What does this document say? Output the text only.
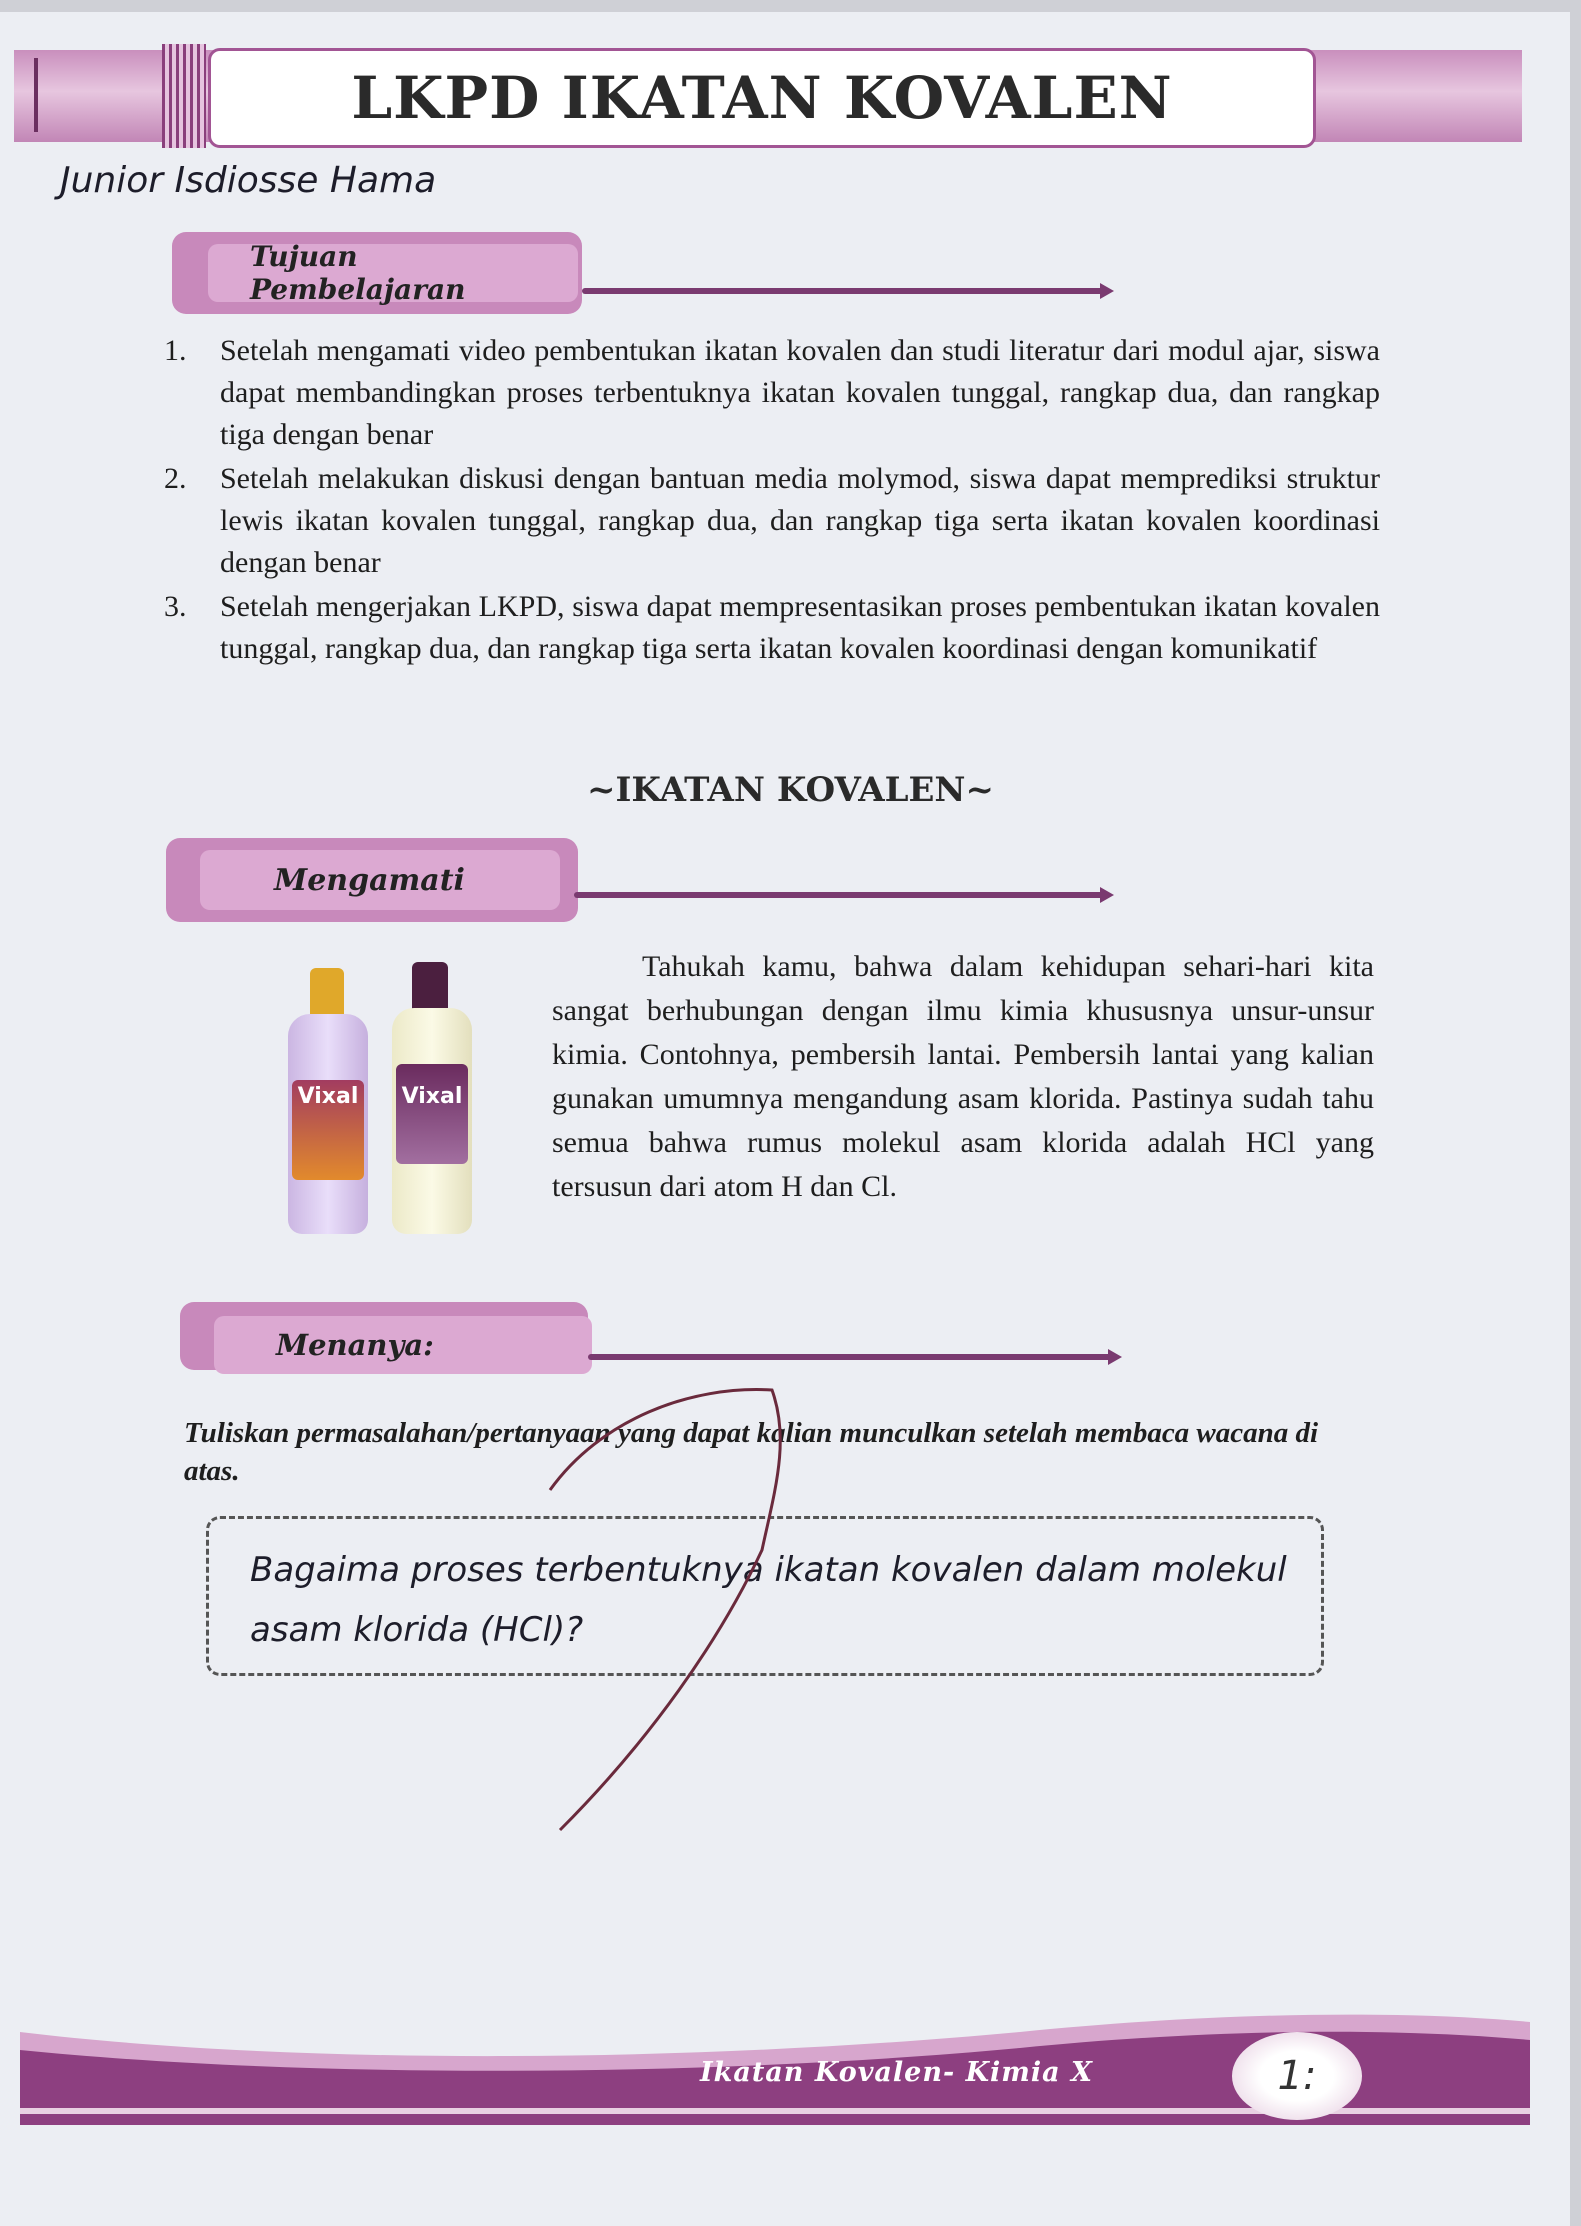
LKPD IKATAN KOVALEN
Junior Isdiosse Hama
Tujuan Pembelajaran
1. Setelah mengamati video pembentukan ikatan kovalen dan studi literatur dari modul ajar, siswa dapat membandingkan proses terbentuknya ikatan kovalen tunggal, rangkap dua, dan rangkap tiga dengan benar
2. Setelah melakukan diskusi dengan bantuan media molymod, siswa dapat memprediksi struktur lewis ikatan kovalen tunggal, rangkap dua, dan rangkap tiga serta ikatan kovalen koordinasi dengan benar
3. Setelah mengerjakan LKPD, siswa dapat mempresentasikan proses pembentukan ikatan kovalen tunggal, rangkap dua, dan rangkap tiga serta ikatan kovalen koordinasi dengan komunikatif
~IKATAN KOVALEN~
Mengamati
Vixal Vixal
Tahukah kamu, bahwa dalam kehidupan sehari-hari kita sangat berhubungan dengan ilmu kimia khususnya unsur-unsur kimia. Contohnya, pembersih lantai. Pembersih lantai yang kalian gunakan umumnya mengandung asam klorida. Pastinya sudah tahu semua bahwa rumus molekul asam klorida adalah HCl yang tersusun dari atom H dan Cl.
Menanya:
Tuliskan permasalahan/pertanyaan yang dapat kalian munculkan setelah membaca wacana di atas.
Bagaima proses terbentuknya ikatan kovalen dalam molekul asam klorida (HCl)?
Ikatan Kovalen- Kimia X	1:
